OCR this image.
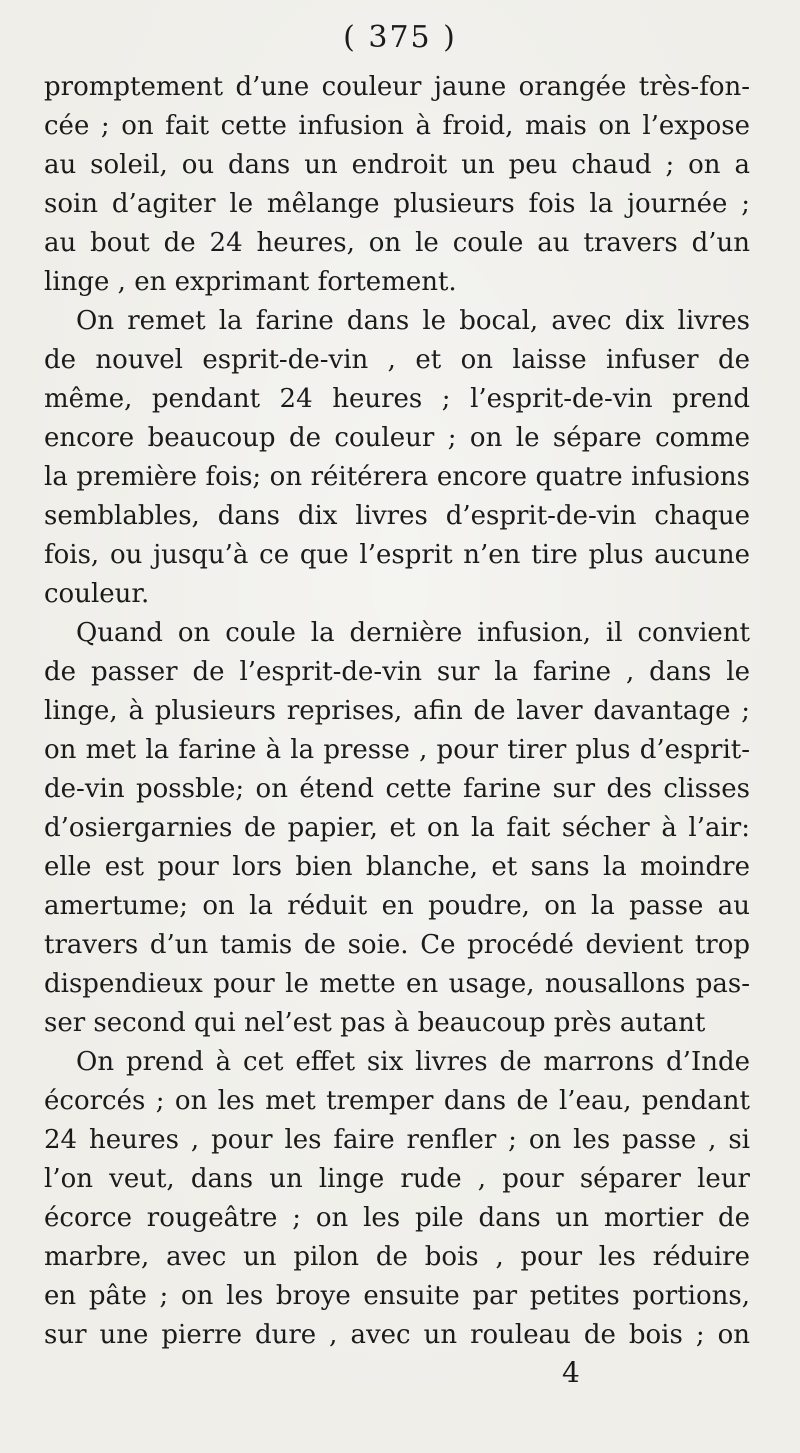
( 375 )
promptement d’une couleur jaune orangée très-fon-
cée ; on fait cette infusion à froid, mais on l’expose
au soleil, ou dans un endroit un peu chaud ; on a
soin d’agiter le mêlange plusieurs fois la journée ;
au bout de 24 heures, on le coule au travers d’un
linge , en exprimant fortement.
On remet la farine dans le bocal, avec dix livres
de nouvel esprit-de-vin , et on laisse infuser de
même, pendant 24 heures ; l’esprit-de-vin prend
encore beaucoup de couleur ; on le sépare comme
la première fois; on réitérera encore quatre infusions
semblables, dans dix livres d’esprit-de-vin chaque
fois, ou jusqu’à ce que l’esprit n’en tire plus aucune
couleur.
Quand on coule la dernière infusion, il convient
de passer de l’esprit-de-vin sur la farine , dans le
linge, à plusieurs reprises, afin de laver davantage ;
on met la farine à la presse , pour tirer plus d’esprit-
de-vin possble; on étend cette farine sur des clisses
d’osiergarnies de papier, et on la fait sécher à l’air:
elle est pour lors bien blanche, et sans la moindre
amertume; on la réduit en poudre, on la passe au
travers d’un tamis de soie. Ce procédé devient trop
dispendieux pour le mette en usage, nousallons pas-
ser second qui nel’est pas à beaucoup près autant
On prend à cet effet six livres de marrons d’Inde
écorcés ; on les met tremper dans de l’eau, pendant
24 heures , pour les faire renfler ; on les passe , si
l’on veut, dans un linge rude , pour séparer leur
écorce rougeâtre ; on les pile dans un mortier de
marbre, avec un pilon de bois , pour les réduire
en pâte ; on les broye ensuite par petites portions,
sur une pierre dure , avec un rouleau de bois ; on
4
